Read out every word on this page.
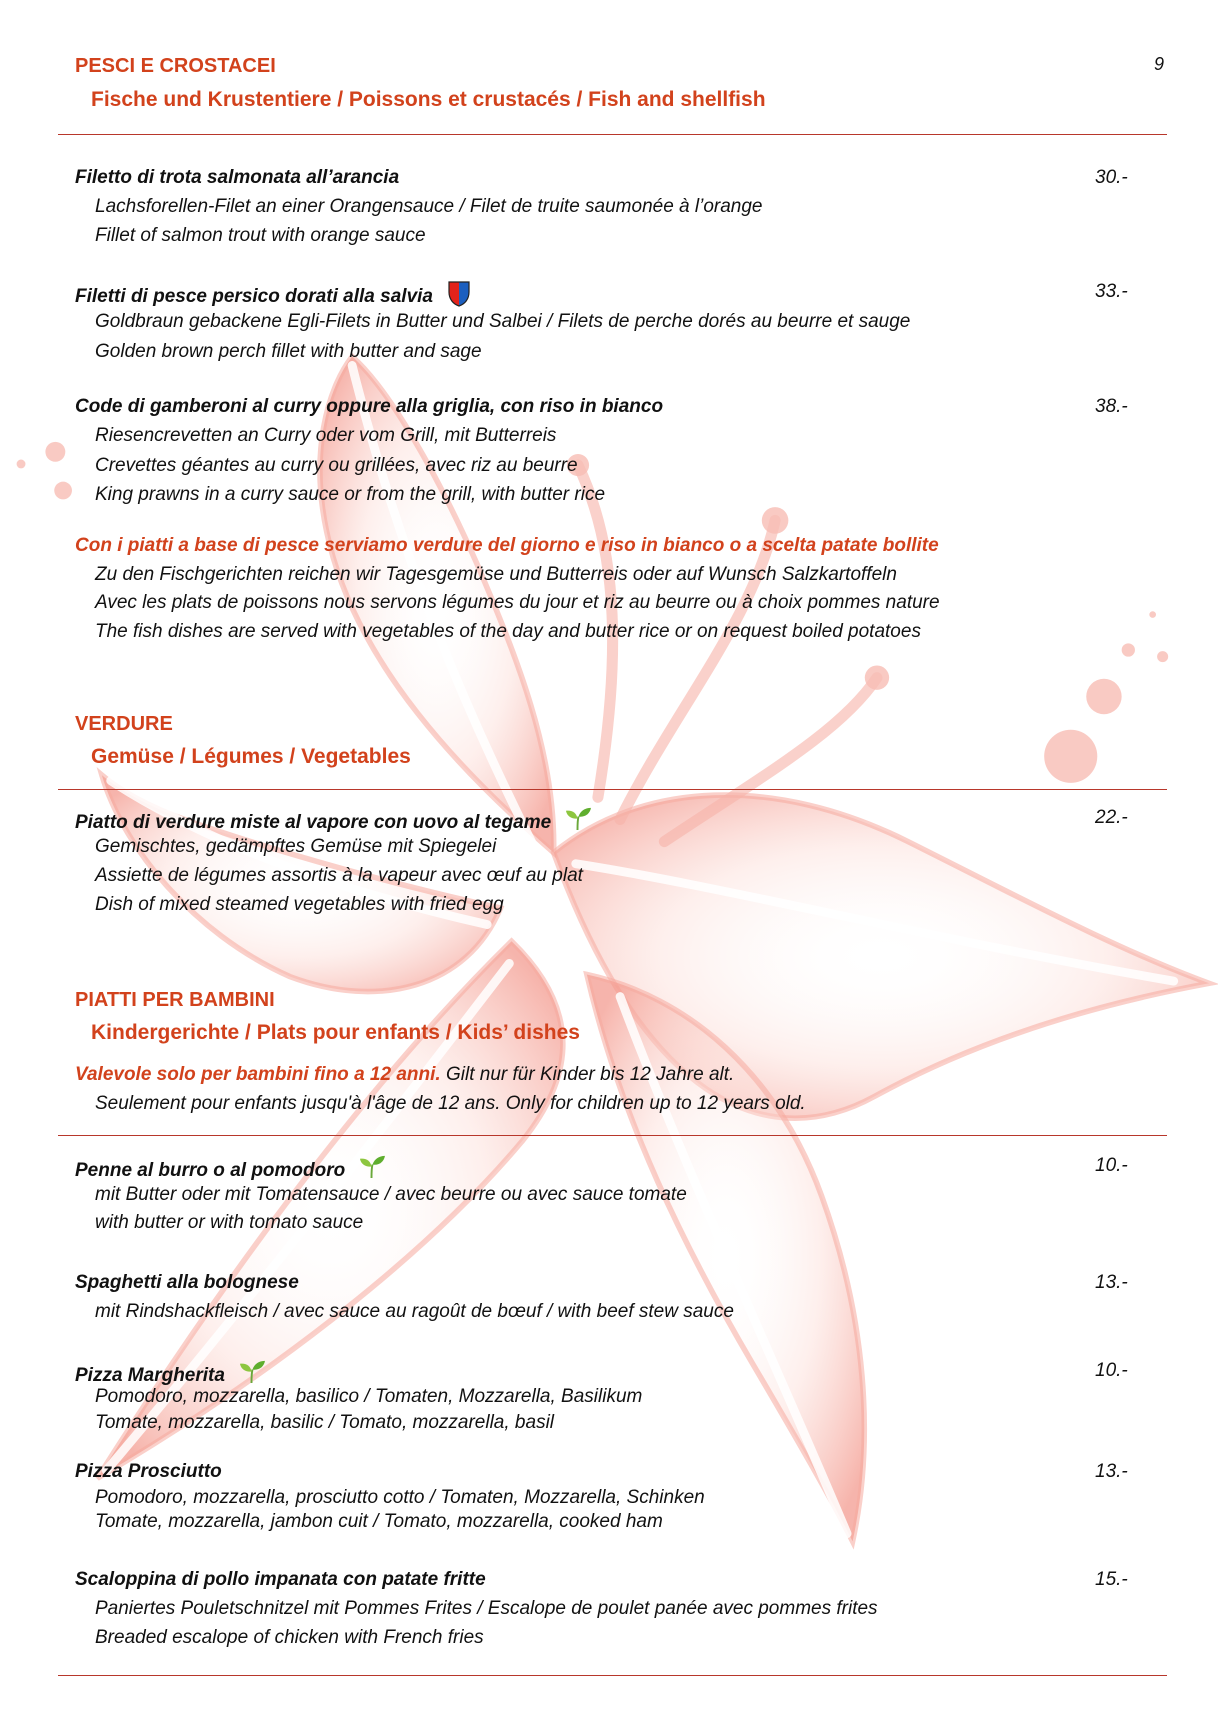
9
PESCI E CROSTACEI
Fische und Krustentiere / Poissons et crustacés / Fish and shellfish
Filetto di trota salmonata all’arancia	30.-
Lachsforellen-Filet an einer Orangensauce / Filet de truite saumonée à l’orange
Fillet of salmon trout with orange sauce
Filetti di pesce persico dorati alla salvia	33.-
Goldbraun gebackene Egli-Filets in Butter und Salbei / Filets de perche dorés au beurre et sauge
Golden brown perch fillet with butter and sage
Code di gamberoni al curry oppure alla griglia, con riso in bianco	38.-
Riesencrevetten an Curry oder vom Grill, mit Butterreis
Crevettes géantes au curry ou grillées, avec riz au beurre
King prawns in a curry sauce or from the grill, with butter rice
Con i piatti a base di pesce serviamo verdure del giorno e riso in bianco o a scelta patate bollite
Zu den Fischgerichten reichen wir Tagesgemüse und Butterreis oder auf Wunsch Salzkartoffeln
Avec les plats de poissons nous servons légumes du jour et riz au beurre ou à choix pommes nature
The fish dishes are served with vegetables of the day and butter rice or on request boiled potatoes
VERDURE
Gemüse / Légumes / Vegetables
Piatto di verdure miste al vapore con uovo al tegame	22.-
Gemischtes, gedämpftes Gemüse mit Spiegelei
Assiette de légumes assortis à la vapeur avec œuf au plat
Dish of mixed steamed vegetables with fried egg
PIATTI PER BAMBINI
Kindergerichte / Plats pour enfants / Kids’ dishes
Valevole solo per bambini fino a 12 anni. Gilt nur für Kinder bis 12 Jahre alt.
Seulement pour enfants jusqu'à l'âge de 12 ans. Only for children up to 12 years old.
Penne al burro o al pomodoro	10.-
mit Butter oder mit Tomatensauce / avec beurre ou avec sauce tomate
with butter or with tomato sauce
Spaghetti alla bolognese	13.-
mit Rindshackfleisch / avec sauce au ragoût de bœuf / with beef stew sauce
Pizza Margherita	10.-
Pomodoro, mozzarella, basilico / Tomaten, Mozzarella, Basilikum
Tomate, mozzarella, basilic / Tomato, mozzarella, basil
Pizza Prosciutto	13.-
Pomodoro, mozzarella, prosciutto cotto / Tomaten, Mozzarella, Schinken
Tomate, mozzarella, jambon cuit / Tomato, mozzarella, cooked ham
Scaloppina di pollo impanata con patate fritte	15.-
Paniertes Pouletschnitzel mit Pommes Frites / Escalope de poulet panée avec pommes frites
Breaded escalope of chicken with French fries
